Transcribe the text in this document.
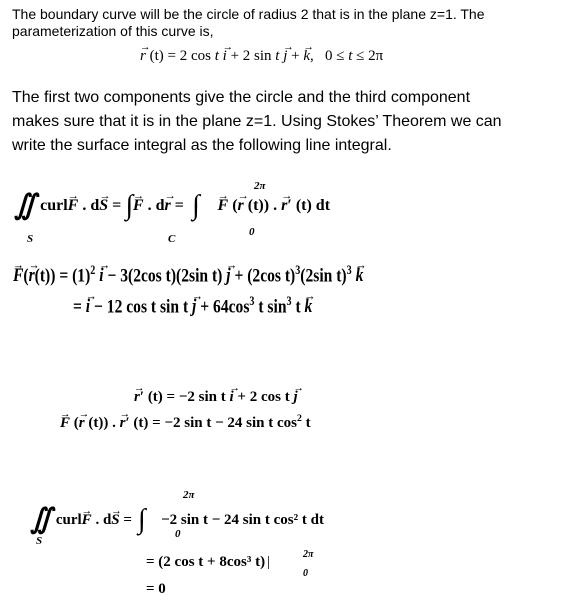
The boundary curve will be the circle of radius 2 that is in the plane z=1. The
parameterization of this curve is,
→ r (t) = 2 cos t → i + 2 sin t → j + → k,   0 ≤ t ≤ 2π
The first two components give the circle and the third component
makes sure that it is in the plane z=1. Using Stokes’ Theorem we can
write the surface integral as the following line integral.
∬ curl→ F . d→ S = ∫→ F . d→ r = ∫ → F (→ r (t)) . → r′ (t) dt
S	C
2π
0
→ $F(\to r(t)) = (1)^2 \to i - 3(2\cos$ t)(2sin t) → j + (2cos t)$^3$(2sin t)$^3$ → k
= → i − 12 cos t $\sin t \to j + 64\cos^3$ t $\sin^3 t \to k$
→ r′ (t) = −2 sin t → i + 2 cos t → j
→ F (→ r (t)) . → r′ (t) = −2 sin t − 24 sin t $\cos^2 t$
∬ curl→ F . d→ S = ∫ −2 sin t − 24 sin t cos² t dt
S
2π
0
= (2 cos t + 8cos³ t) |	2π
0
= 0
